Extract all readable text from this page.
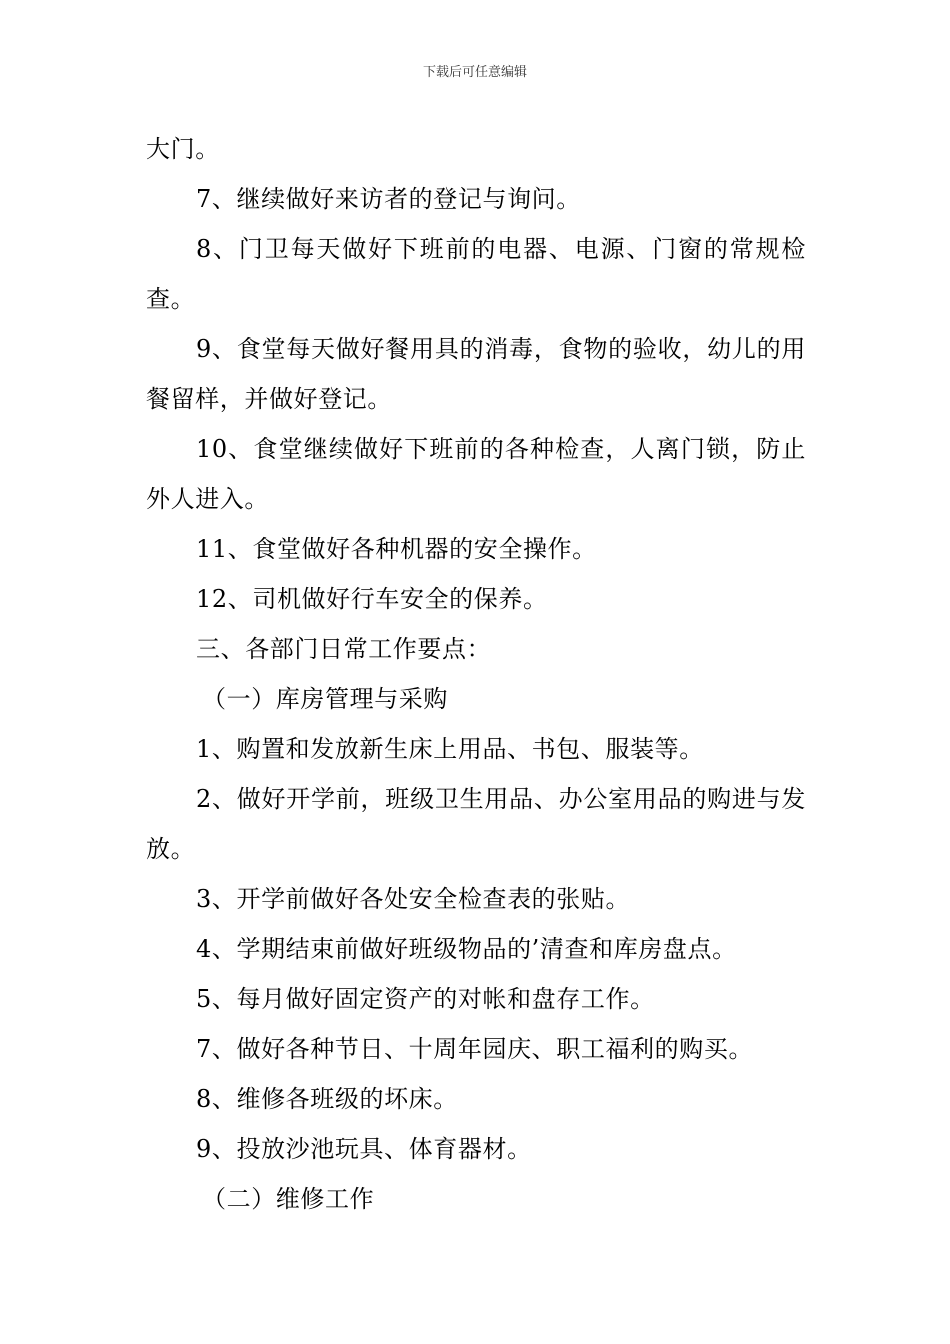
下载后可任意编辑

大门。

7、继续做好来访者的登记与询问。

8、门卫每天做好下班前的电器、电源、门窗的常规检查。

9、食堂每天做好餐用具的消毒，食物的验收，幼儿的用餐留样，并做好登记。

10、食堂继续做好下班前的各种检查，人离门锁，防止外人进入。

11、食堂做好各种机器的安全操作。

12、司机做好行车安全的保养。

三、各部门日常工作要点：

（一）库房管理与采购

1、购置和发放新生床上用品、书包、服装等。

2、做好开学前，班级卫生用品、办公室用品的购进与发放。

3、开学前做好各处安全检查表的张贴。

4、学期结束前做好班级物品的’清查和库房盘点。

5、每月做好固定资产的对帐和盘存工作。

7、做好各种节日、十周年园庆、职工福利的购买。

8、维修各班级的坏床。

9、投放沙池玩具、体育器材。

（二）维修工作
